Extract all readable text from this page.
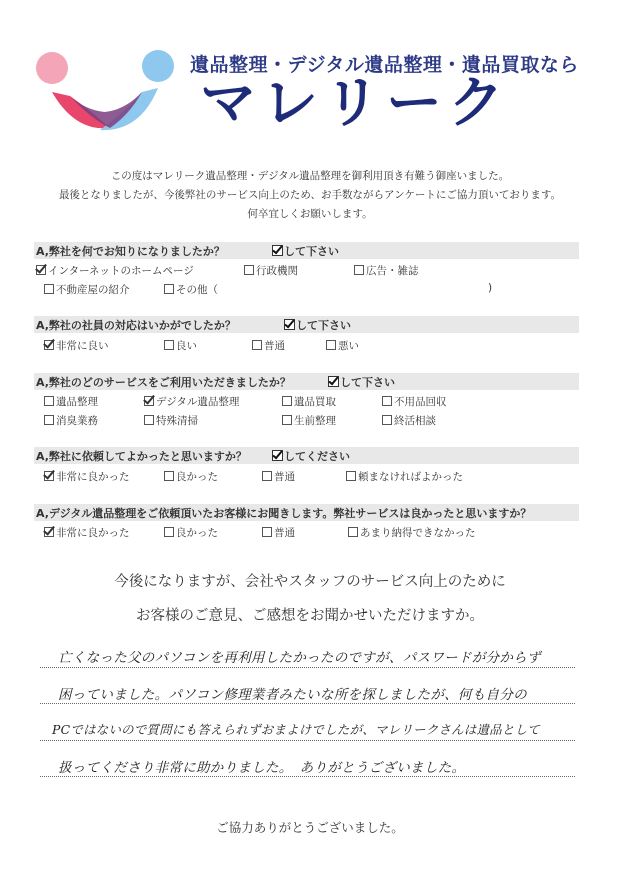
遺品整理・デジタル遺品整理・遺品買取なら
マレリーク
この度はマレリーク遺品整理・デジタル遺品整理を御利用頂き有難う御座いました。
最後となりましたが、今後弊社のサービス向上のため、お手数ながらアンケートにご協力頂いております。
何卒宜しくお願いします。
A,弊社を何でお知りになりましたか？	して下さい
インターネットのホームページ	行政機関	広告・雑誌
不動産屋の紹介	その他（	)
A,弊社の社員の対応はいかがでしたか？	して下さい
非常に良い	良い	普通	悪い
A,弊社のどのサービスをご利用いただきましたか？	して下さい
遺品整理	デジタル遺品整理	遺品買取	不用品回収
消臭業務	特殊清掃	生前整理	終活相談
A,弊社に依頼してよかったと思いますか？	してください
非常に良かった	良かった	普通	頼まなければよかった
A,デジタル遺品整理をご依頼頂いたお客様にお聞きします。弊社サービスは良かったと思いますか？
非常に良かった	良かった	普通	あまり納得できなかった
今後になりますが、会社やスタッフのサービス向上のために
お客様のご意見、ご感想をお聞かせいただけますか。
亡くなった父のパソコンを再利用したかったのですが、パスワードが分からず
困っていました。パソコン修理業者みたいな所を探しましたが、何も自分の
PCではないので質問にも答えられずおまよけでしたが、マレリークさんは遺品として
扱ってくださり非常に助かりました。　ありがとうございました。
ご協力ありがとうございました。
